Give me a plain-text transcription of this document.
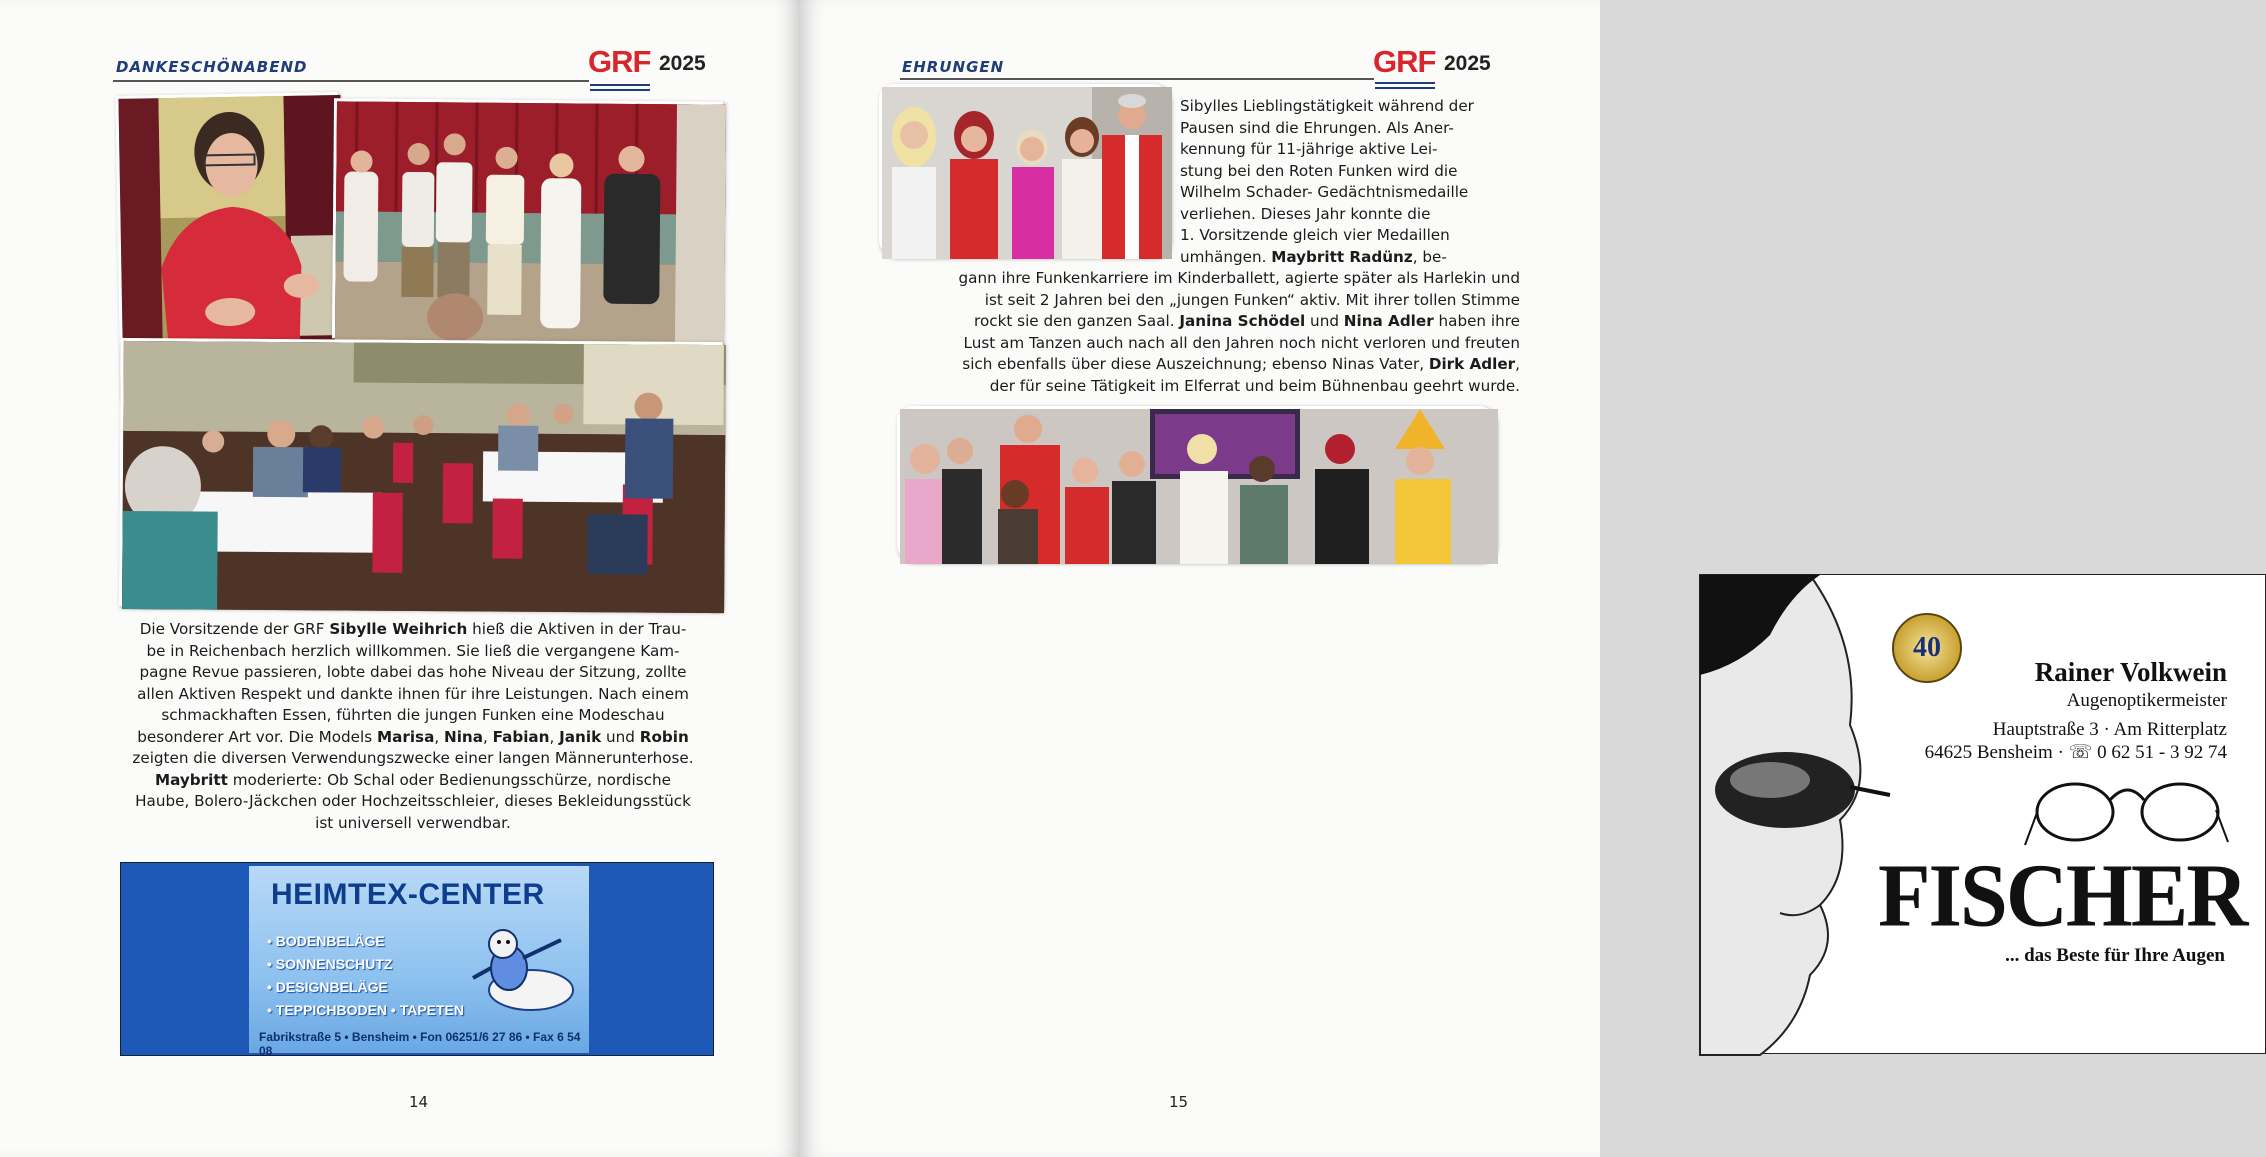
DANKESCHÖNABEND	GRF 2025
Die Vorsitzende der GRF Sibylle Weihrich hieß die Aktiven in der Trau-
be in Reichenbach herzlich willkommen. Sie ließ die vergangene Kam-
pagne Revue passieren, lobte dabei das hohe Niveau der Sitzung, zollte
allen Aktiven Respekt und dankte ihnen für ihre Leistungen. Nach einem
schmackhaften Essen, führten die jungen Funken eine Modeschau
besonderer Art vor. Die Models Marisa, Nina, Fabian, Janik und Robin
zeigten die diversen Verwendungszwecke einer langen Männerunterhose.
Maybritt moderierte: Ob Schal oder Bedienungsschürze, nordische
Haube, Bolero-Jäckchen oder Hochzeitsschleier, dieses Bekleidungsstück
ist universell verwendbar.
HEIMTEX-CENTER
• BODENBELÄGE
• SONNENSCHUTZ
• DESIGNBELÄGE
• TEPPICHBODEN • TAPETEN
Fabrikstraße 5 • Bensheim • Fon 06251/6 27 86 • Fax 6 54 08
14
EHRUNGEN	GRF 2025
Sibylles Lieblingstätigkeit während der
Pausen sind die Ehrungen. Als Aner-
kennung für 11-jährige aktive Lei-
stung bei den Roten Funken wird die
Wilhelm Schader- Gedächtnismedaille
verliehen. Dieses Jahr konnte die
1. Vorsitzende gleich vier Medaillen
umhängen. Maybritt Radünz, be-
gann ihre Funkenkarriere im Kinderballett, agierte später als Harlekin und
ist seit 2 Jahren bei den „jungen Funken“ aktiv. Mit ihrer tollen Stimme
rockt sie den ganzen Saal. Janina Schödel und Nina Adler haben ihre
Lust am Tanzen auch nach all den Jahren noch nicht verloren und freuten
sich ebenfalls über diese Auszeichnung; ebenso Ninas Vater, Dirk Adler,
der für seine Tätigkeit im Elferrat und beim Bühnenbau geehrt wurde.
40
Rainer Volkwein
Augenoptikermeister
Hauptstraße 3 · Am Ritterplatz
64625 Bensheim · ☏ 0 62 51 - 3 92 74
FISCHER
... das Beste für Ihre Augen
15
